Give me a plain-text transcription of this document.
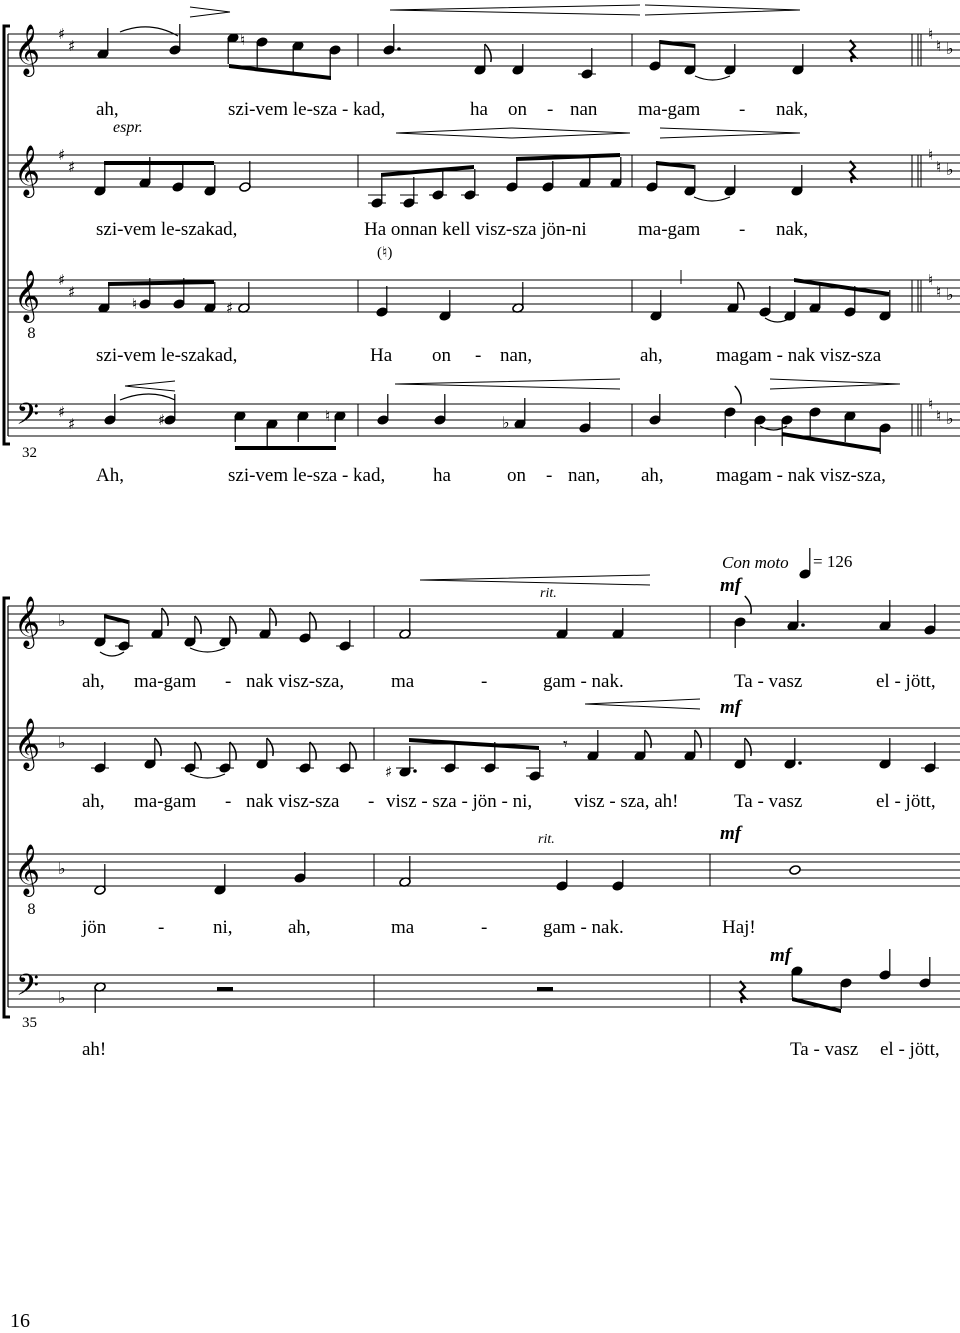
𝄞
𝄞
𝄞
8
𝄢
♯
♯
♯
♯
♯
♯
♯
♯
♮
♮ ♭
♮
♮ ♭
♮
♮ ♭
♮
♮ ♭
♮
♮	♯
♯	♮	♭
𝄞
𝄞
𝄞
8
𝄢
♭
♭
♭
♭
♯
𝄾
ah,	szi-vem le-sza - kad,	ha on - nan ma-gam - nak,
espr.
szi-vem le-szakad,	Ha onnan kell visz-sza jön-ni	ma-gam - nak,
(♮)
szi-vem le-szakad,	Ha on - nan,	ah,	magam - nak visz-sza
32
Ah,	szi-vem le-sza - kad,	ha	on - nan, ah,	magam - nak visz-sza,
Con moto = 126
rit.	mf
ah, ma-gam - nak visz-sza, ma	-	gam - nak.	Ta - vasz	el - jött,
mf
ah, ma-gam - nak visz-sza - visz - sza - jön - ni, visz - sza, ah!	Ta - vasz	el - jött,
rit.	mf
jön	-	ni,	ah,	ma	-	gam - nak.	Haj!
mf
35
ah!	Ta - vasz el - jött,
16
